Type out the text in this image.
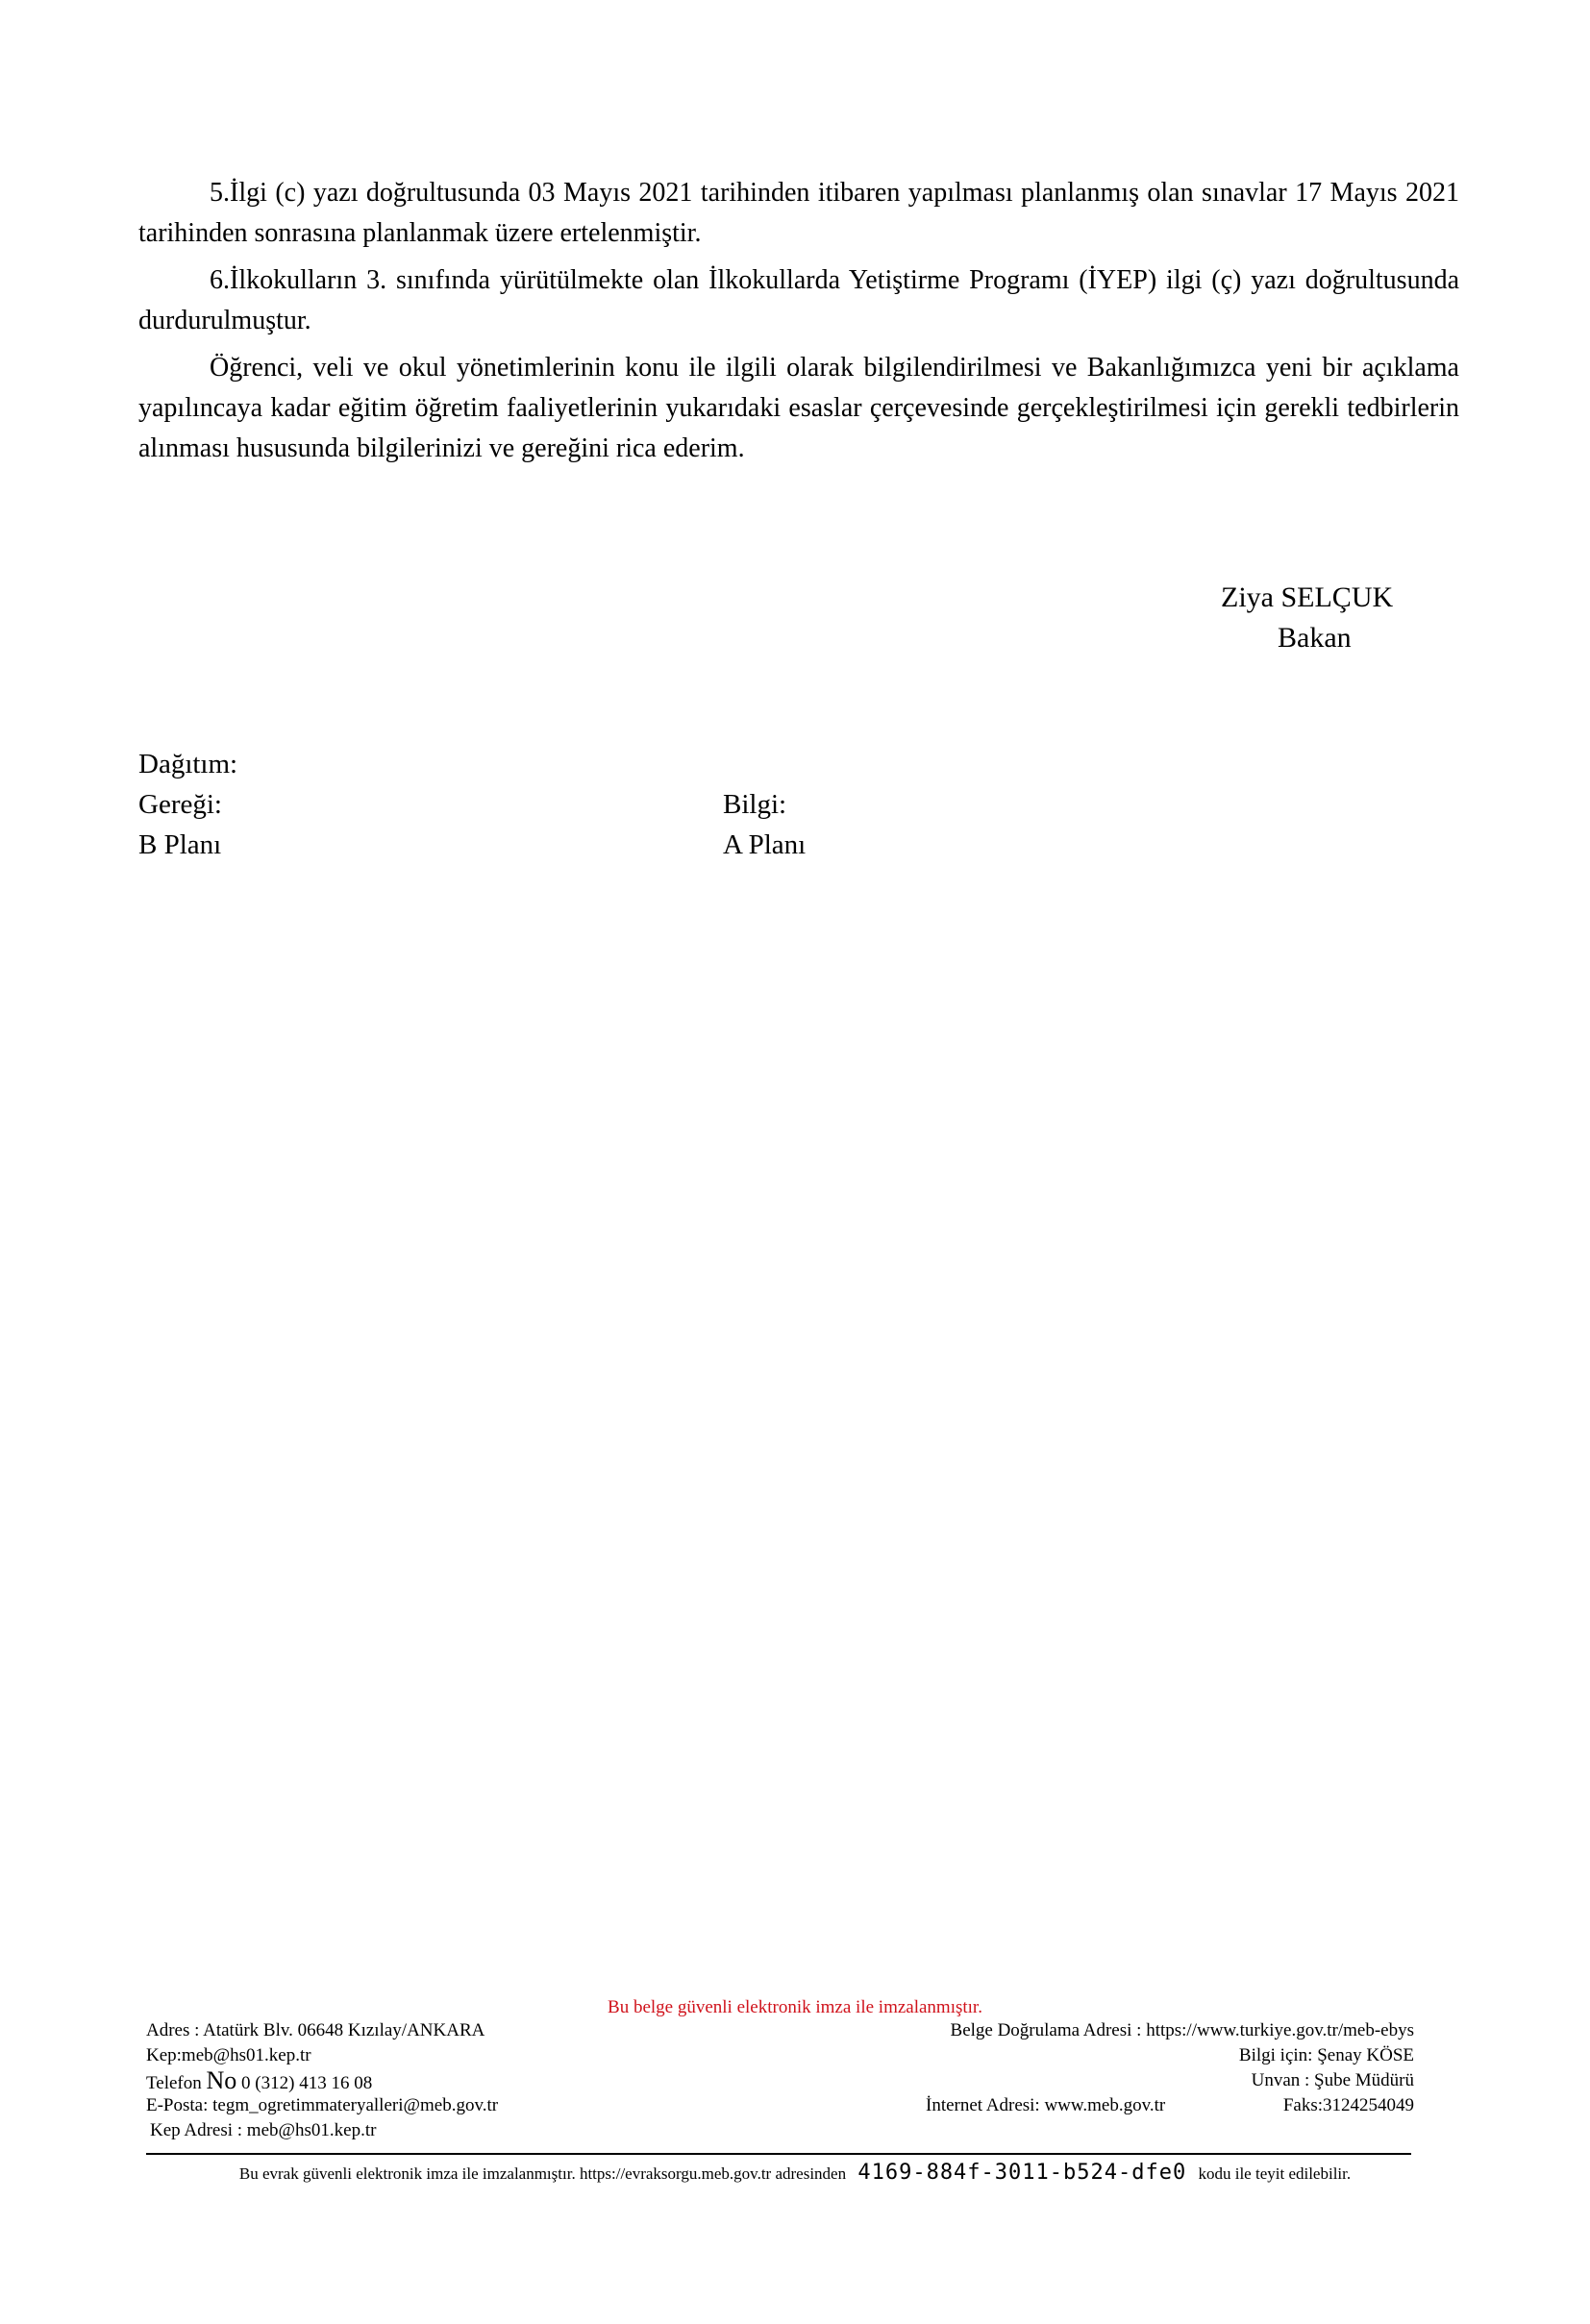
5.İlgi (c) yazı doğrultusunda 03 Mayıs 2021 tarihinden itibaren yapılması planlanmış olan sınavlar 17 Mayıs 2021 tarihinden sonrasına planlanmak üzere ertelenmiştir.

6.İlkokulların 3. sınıfında yürütülmekte olan İlkokullarda Yetiştirme Programı (İYEP) ilgi (ç) yazı doğrultusunda durdurulmuştur.

Öğrenci, veli ve okul yönetimlerinin konu ile ilgili olarak bilgilendirilmesi ve Bakanlığımızca yeni bir açıklama yapılıncaya kadar eğitim öğretim faaliyetlerinin yukarıdaki esaslar çerçevesinde gerçekleştirilmesi için gerekli tedbirlerin alınması hususunda bilgilerinizi ve gereğini rica ederim.

Ziya SELÇUK
Bakan
Dağıtım:
Gereği:
B Planı
Bilgi:
A Planı
Bu belge güvenli elektronik imza ile imzalanmıştır.
Adres : Atatürk Blv. 06648 Kızılay/ANKARA
Kep:meb@hs01.kep.tr
Telefon No 0 (312) 413 16 08
E-Posta: tegm_ogretimmateryalleri@meb.gov.tr
Kep Adresi : meb@hs01.kep.tr
Belge Doğrulama Adresi : https://www.turkiye.gov.tr/meb-ebys
Bilgi için: Şenay KÖSE
Unvan : Şube Müdürü
İnternet Adresi: www.meb.gov.tr	Faks:3124254049
Bu evrak güvenli elektronik imza ile imzalanmıştır. https://evraksorgu.meb.gov.tr adresinden 4169-884f-3011-b524-dfe0 kodu ile teyit edilebilir.
